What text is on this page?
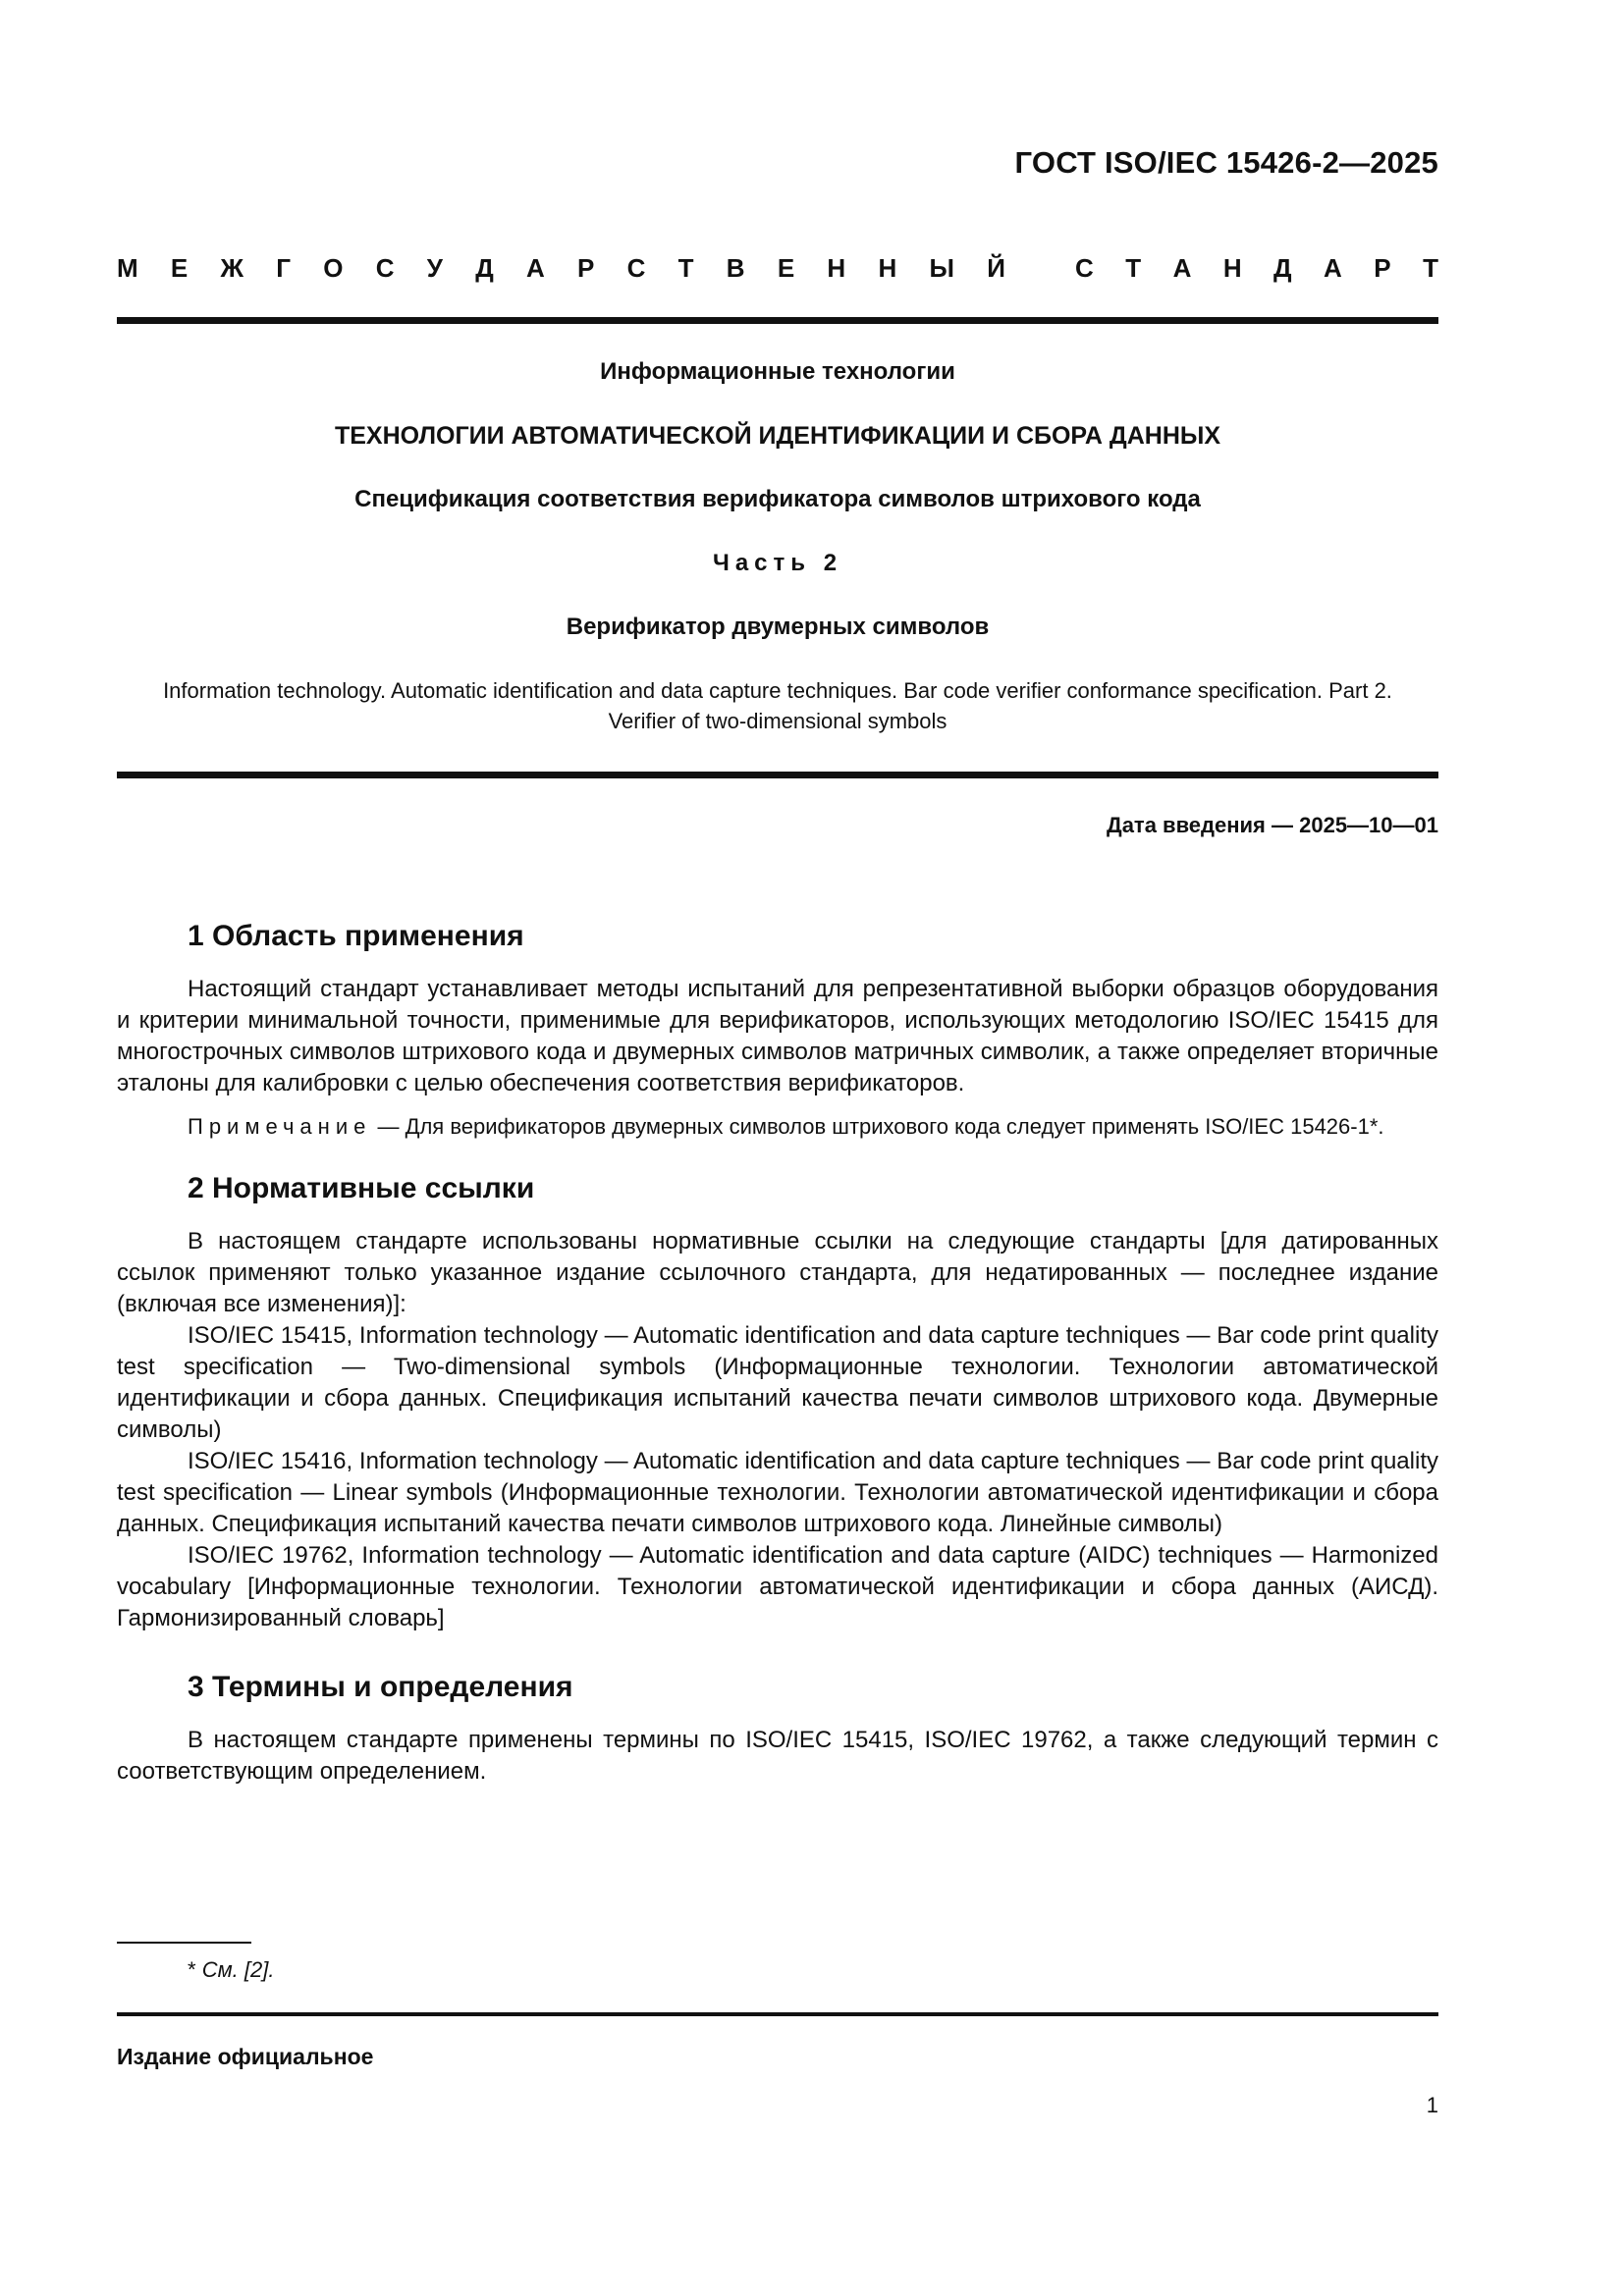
ГОСТ ISO/IEC 15426-2—2025
М Е Ж Г О С У Д А Р С Т В Е Н Н Ы Й	С Т А Н Д А Р Т
Информационные технологии
ТЕХНОЛОГИИ АВТОМАТИЧЕСКОЙ ИДЕНТИФИКАЦИИ И СБОРА ДАННЫХ
Спецификация соответствия верификатора символов штрихового кода
Часть 2
Верификатор двумерных символов
Information technology. Automatic identification and data capture techniques. Bar code verifier conformance specification. Part 2. Verifier of two-dimensional symbols
Дата введения — 2025—10—01
1 Область применения

Настоящий стандарт устанавливает методы испытаний для репрезентативной выборки образцов оборудования и критерии минимальной точности, применимые для верификаторов, использующих методологию ISO/IEC 15415 для многострочных символов штрихового кода и двумерных символов матричных символик, а также определяет вторичные эталоны для калибровки с целью обеспечения соответствия верификаторов.

Примечание — Для верификаторов двумерных символов штрихового кода следует применять ISO/IEC 15426-1*.

2 Нормативные ссылки

В настоящем стандарте использованы нормативные ссылки на следующие стандарты [для датированных ссылок применяют только указанное издание ссылочного стандарта, для недатированных — последнее издание (включая все изменения)]:

ISO/IEC 15415, Information technology — Automatic identification and data capture techniques — Bar code print quality test specification — Two-dimensional symbols (Информационные технологии. Технологии автоматической идентификации и сбора данных. Спецификация испытаний качества печати символов штрихового кода. Двумерные символы)

ISO/IEC 15416, Information technology — Automatic identification and data capture techniques — Bar code print quality test specification — Linear symbols (Информационные технологии. Технологии автоматической идентификации и сбора данных. Спецификация испытаний качества печати символов штрихового кода. Линейные символы)

ISO/IEC 19762, Information technology — Automatic identification and data capture (AIDC) techniques — Harmonized vocabulary [Информационные технологии. Технологии автоматической идентификации и сбора данных (АИСД). Гармонизированный словарь]

3 Термины и определения

В настоящем стандарте применены термины по ISO/IEC 15415, ISO/IEC 19762, а также следующий термин с соответствующим определением.

* См. [2].
Издание официальное
1
